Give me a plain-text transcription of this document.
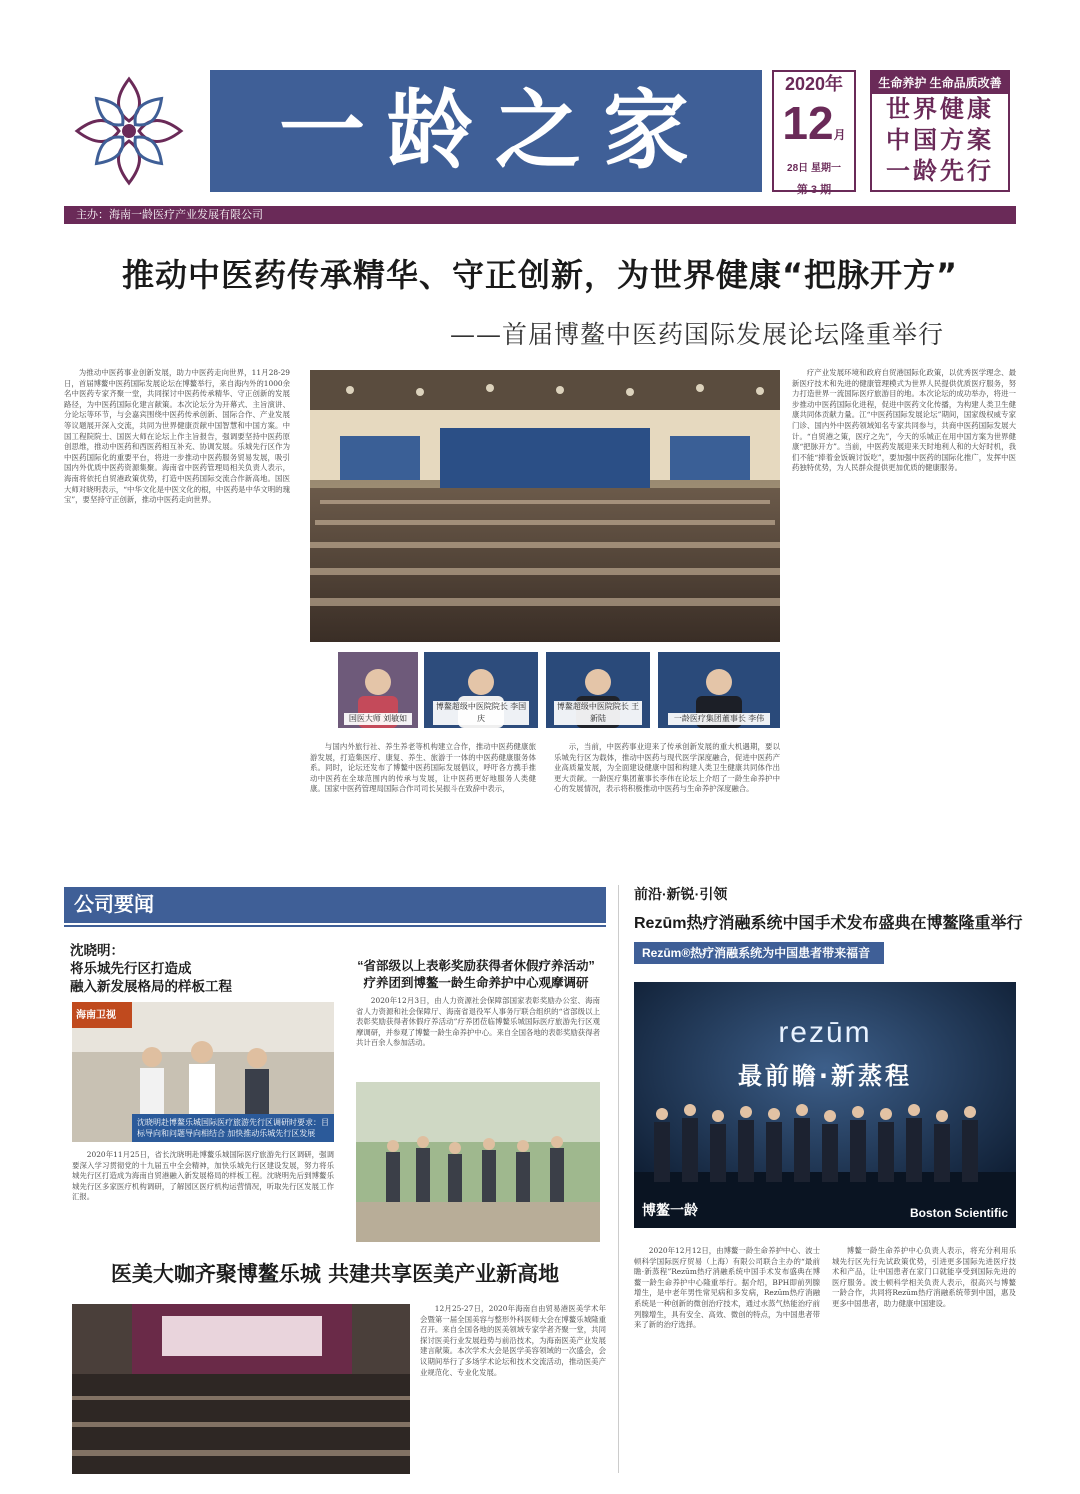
一龄之家	2020年
12月
28日 星期一
第 3 期
生命养护 生命品质改善
世界健康
中国方案
一龄先行
主办：海南一龄医疗产业发展有限公司
推动中医药传承精华、守正创新，为世界健康“把脉开方”
——首届博鳌中医药国际发展论坛隆重举行

为推动中医药事业创新发展，助力中医药走向世界，11月28-29日，首届博鳌中医药国际发展论坛在博鳌举行，来自海内外的1000余名中医药专家齐聚一堂，共同探讨中医药传承精华、守正创新的发展路径，为中医药国际化建言献策。本次论坛分为开幕式、主旨演讲、分论坛等环节，与会嘉宾围绕中医药传承创新、国际合作、产业发展等议题展开深入交流，共同为世界健康贡献中国智慧和中国方案。中国工程院院士、国医大师在论坛上作主旨报告，强调要坚持中医药原创思维，推动中医药和西医药相互补充、协调发展。乐城先行区作为中医药国际化的重要平台，将进一步推动中医药服务贸易发展，吸引国内外优质中医药资源集聚。海南省中医药管理局相关负责人表示，海南将依托自贸港政策优势，打造中医药国际交流合作新高地。国医大师对晓明表示，“中华文化是中医文化的根，中医药是中华文明的瑰宝”，要坚持守正创新，推动中医药走向世界。

国医大师 刘敏如
博鳌超级中医院院长 李国庆
博鳌超级中医院院长 王新陆	一龄医疗集团董事长 李伟

与国内外旅行社、养生养老等机构建立合作，推动中医药健康旅游发展，打造集医疗、康复、养生、旅游于一体的中医药健康服务体系。同时，论坛还发布了博鳌中医药国际发展倡议，呼吁各方携手推动中医药在全球范围内的传承与发展，让中医药更好地服务人类健康。国家中医药管理局国际合作司司长吴振斗在致辞中表示，

示，当前，中医药事业迎来了传承创新发展的重大机遇期，要以乐城先行区为载体，推动中医药与现代医学深度融合，促进中医药产业高质量发展，为全面建设健康中国和构建人类卫生健康共同体作出更大贡献。一龄医疗集团董事长李伟在论坛上介绍了一龄生命养护中心的发展情况，表示将积极推动中医药与生命养护深度融合。

疗产业发展环境和政府自贸港国际化政策，以优秀医学理念、最新医疗技术和先进的健康管理模式为世界人民提供优质医疗服务，努力打造世界一流国际医疗旅游目的地。本次论坛的成功举办，将进一步推动中医药国际化进程，促进中医药文化传播，为构建人类卫生健康共同体贡献力量。江“中医药国际发展论坛”期间，国家级权威专家门诊、国内外中医药领域知名专家共同参与，共商中医药国际发展大计。“自贸港之策，医疗之先”，今天的乐城正在用中国方案为世界健康“把脉开方”。当前，中医药发展迎来天时地利人和的大好时机，我们不能“捧着金饭碗讨饭吃”，要加强中医药的国际化推广，发挥中医药独特优势，为人民群众提供更加优质的健康服务。

公司要闻
沈晓明：
将乐城先行区打造成
融入新发展格局的样板工程
海南卫视
沈晓明赴博鳌乐城国际医疗旅游先行区调研时要求：目标导向和问题导向相结合 加快推动乐城先行区发展

2020年11月25日，省长沈晓明赴博鳌乐城国际医疗旅游先行区调研，强调要深入学习贯彻党的十九届五中全会精神，加快乐城先行区建设发展，努力将乐城先行区打造成为海南自贸港融入新发展格局的样板工程。沈晓明先后到博鳌乐城先行区多家医疗机构调研，了解园区医疗机构运营情况，听取先行区发展工作汇报。

“省部级以上表彰奖励获得者休假疗养活动”
疗养团到博鳌一龄生命养护中心观摩调研

2020年12月3日，由人力资源社会保障部国家表彰奖励办公室、海南省人力资源和社会保障厅、海南省退役军人事务厅联合组织的“省部级以上表彰奖励获得者休假疗养活动”疗养团莅临博鳌乐城国际医疗旅游先行区观摩调研，并参观了博鳌一龄生命养护中心。来自全国各地的表彰奖励获得者共计百余人参加活动。

医美大咖齐聚博鳌乐城 共建共享医美产业新高地

12月25-27日，2020年海南自由贸易港医美学术年会暨第一届全国美容与整形外科医师大会在博鳌乐城隆重召开。来自全国各地的医美领域专家学者齐聚一堂，共同探讨医美行业发展趋势与前沿技术，为海南医美产业发展建言献策。本次学术大会是医学美容领域的一次盛会，会议期间举行了多场学术论坛和技术交流活动，推动医美产业规范化、专业化发展。

前沿·新锐·引领
Rezūm热疗消融系统中国手术发布盛典在博鳌隆重举行
Rezūm®热疗消融系统为中国患者带来福音
rezūm
最前瞻·新蒸程
博鳌一龄	Boston Scientific

2020年12月12日，由博鳌一龄生命养护中心、波士顿科学国际医疗贸易（上海）有限公司联合主办的“最前瞻·新蒸程”Rezūm热疗消融系统中国手术发布盛典在博鳌一龄生命养护中心隆重举行。据介绍，BPH即前列腺增生，是中老年男性常见病和多发病，Rezūm热疗消融系统是一种创新的微创治疗技术，通过水蒸气热能治疗前列腺增生，具有安全、高效、微创的特点，为中国患者带来了新的治疗选择。

博鳌一龄生命养护中心负责人表示，将充分利用乐城先行区先行先试政策优势，引进更多国际先进医疗技术和产品，让中国患者在家门口就能享受到国际先进的医疗服务。波士顿科学相关负责人表示，很高兴与博鳌一龄合作，共同将Rezūm热疗消融系统带到中国，惠及更多中国患者，助力健康中国建设。
